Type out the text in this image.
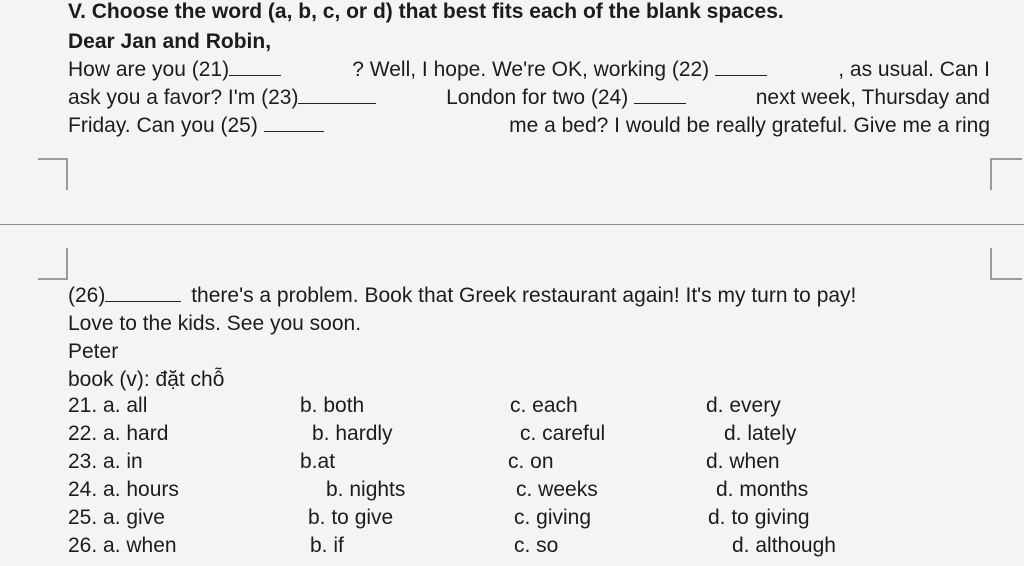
V. Choose the word (a, b, c, or d) that best fits each of the blank spaces.
Dear Jan and Robin,
How are you (21)	? Well, I hope. We're OK, working (22)	, as usual. Can I
ask you a favor? I'm (23)	London for two (24)	next week, Thursday and
Friday. Can you (25)	me a bed? I would be really grateful. Give me a ring
(26)	there's a problem. Book that Greek restaurant again! It's my turn to pay!
Love to the kids. See you soon.
Peter
book (v): đặt chỗ
21. a. all	b. both	c. each	d. every
22. a. hard	b. hardly	c. careful	d. lately
23. a. in	b.at	c. on	d. when
24. a. hours	b. nights	c. weeks	d. months
25. a. give	b. to give	c. giving	d. to giving
26. a. when	b. if	c. so	d. although
